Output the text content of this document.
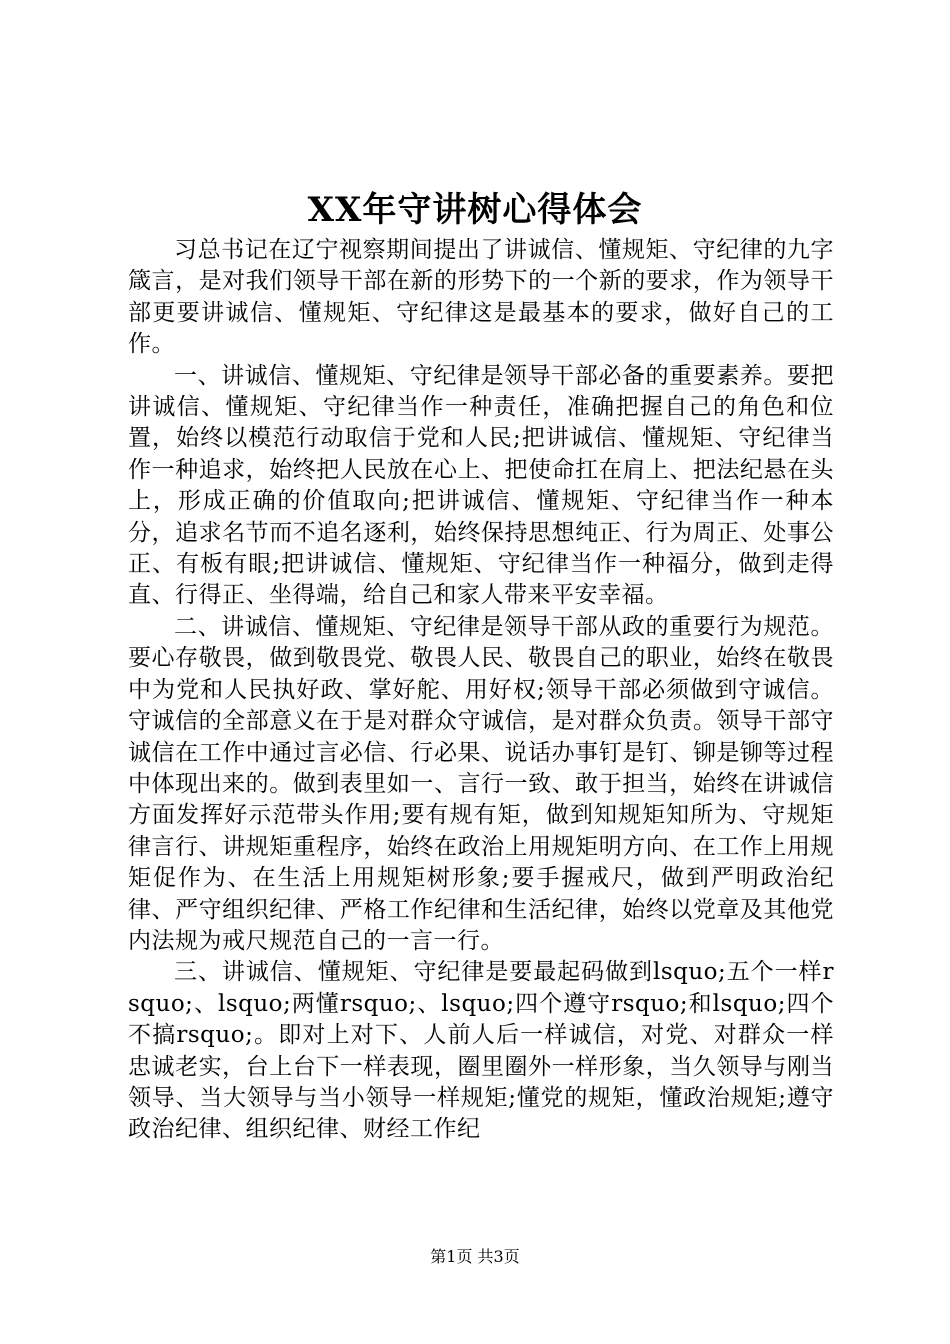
XX年守讲树心得体会

习总书记在辽宁视察期间提出了讲诚信、懂规矩、守纪律的九字箴言，是对我们领导干部在新的形势下的一个新的要求，作为领导干部更要讲诚信、懂规矩、守纪律这是最基本的要求，做好自己的工作。

一、讲诚信、懂规矩、守纪律是领导干部必备的重要素养。要把讲诚信、懂规矩、守纪律当作一种责任，准确把握自己的角色和位置，始终以模范行动取信于党和人民;把讲诚信、懂规矩、守纪律当作一种追求，始终把人民放在心上、把使命扛在肩上、把法纪悬在头上，形成正确的价值取向;把讲诚信、懂规矩、守纪律当作一种本分，追求名节而不追名逐利，始终保持思想纯正、行为周正、处事公正、有板有眼;把讲诚信、懂规矩、守纪律当作一种福分，做到走得直、行得正、坐得端，给自己和家人带来平安幸福。

二、讲诚信、懂规矩、守纪律是领导干部从政的重要行为规范。要心存敬畏，做到敬畏党、敬畏人民、敬畏自己的职业，始终在敬畏中为党和人民执好政、掌好舵、用好权;领导干部必须做到守诚信。守诚信的全部意义在于是对群众守诚信，是对群众负责。领导干部守诚信在工作中通过言必信、行必果、说话办事钉是钉、铆是铆等过程中体现出来的。做到表里如一、言行一致、敢于担当，始终在讲诚信方面发挥好示范带头作用;要有规有矩，做到知规矩知所为、守规矩律言行、讲规矩重程序，始终在政治上用规矩明方向、在工作上用规矩促作为、在生活上用规矩树形象;要手握戒尺，做到严明政治纪律、严守组织纪律、严格工作纪律和生活纪律，始终以党章及其他党内法规为戒尺规范自己的一言一行。

三、讲诚信、懂规矩、守纪律是要最起码做到lsquo;五个一样rsquo;、lsquo;两懂rsquo;、lsquo;四个遵守rsquo;和lsquo;四个不搞rsquo;。即对上对下、人前人后一样诚信，对党、对群众一样忠诚老实，台上台下一样表现，圈里圈外一样形象，当久领导与刚当领导、当大领导与当小领导一样规矩;懂党的规矩，懂政治规矩;遵守政治纪律、组织纪律、财经工作纪

第1页 共3页
